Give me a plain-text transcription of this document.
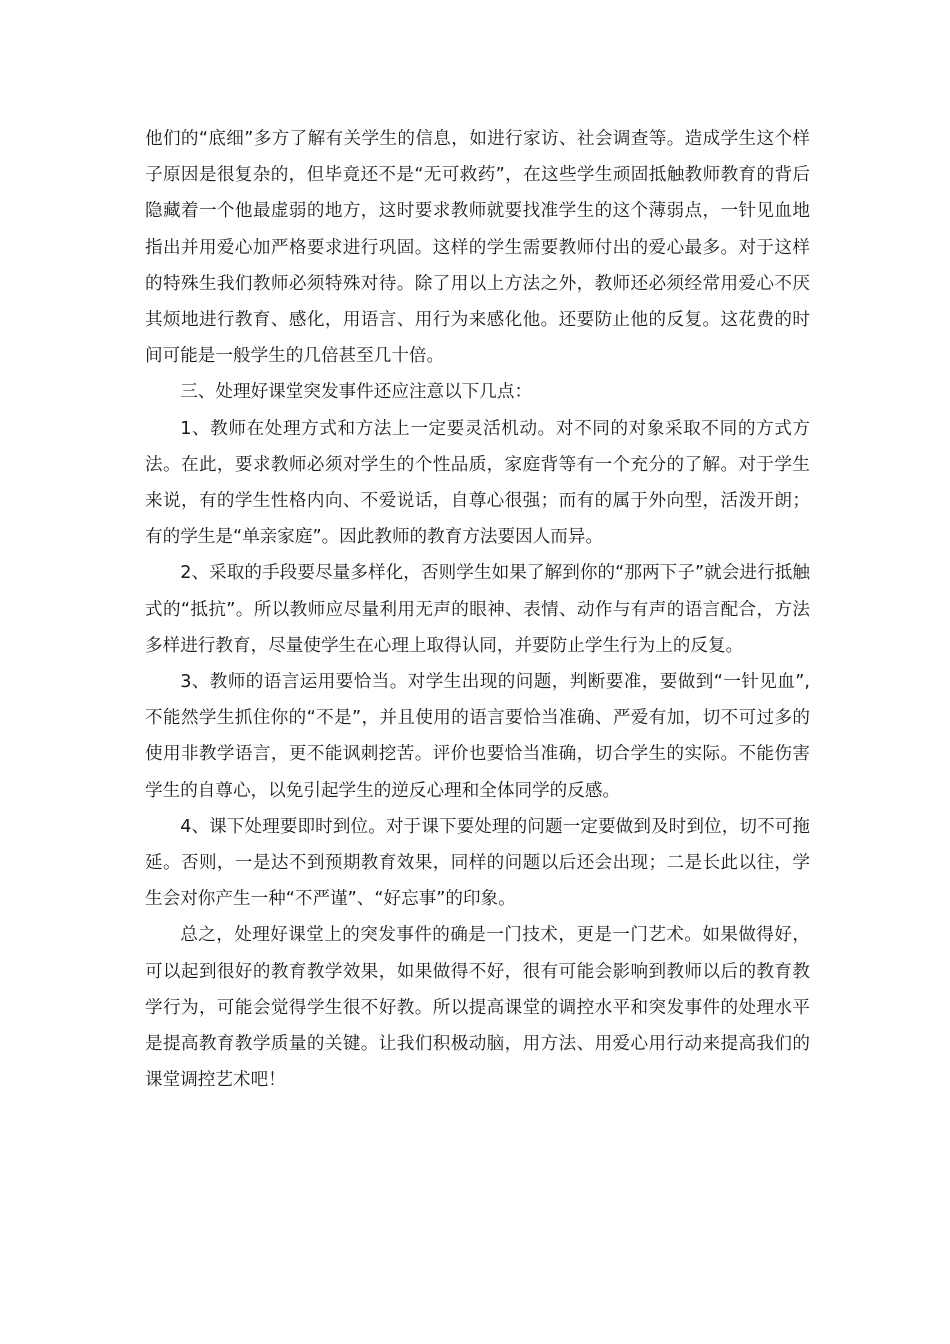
他们的“底细”多方了解有关学生的信息，如进行家访、社会调查等。造成学生这个样子原因是很复杂的，但毕竟还不是“无可救药”，在这些学生顽固抵触教师教育的背后隐藏着一个他最虚弱的地方，这时要求教师就要找准学生的这个薄弱点，一针见血地指出并用爱心加严格要求进行巩固。这样的学生需要教师付出的爱心最多。对于这样的特殊生我们教师必须特殊对待。除了用以上方法之外，教师还必须经常用爱心不厌其烦地进行教育、感化，用语言、用行为来感化他。还要防止他的反复。这花费的时间可能是一般学生的几倍甚至几十倍。

三、处理好课堂突发事件还应注意以下几点：

1、教师在处理方式和方法上一定要灵活机动。对不同的对象采取不同的方式方法。在此，要求教师必须对学生的个性品质，家庭背等有一个充分的了解。对于学生来说，有的学生性格内向、不爱说话，自尊心很强；而有的属于外向型，活泼开朗；有的学生是“单亲家庭”。因此教师的教育方法要因人而异。

2、采取的手段要尽量多样化，否则学生如果了解到你的“那两下子”就会进行抵触式的“抵抗”。所以教师应尽量利用无声的眼神、表情、动作与有声的语言配合，方法多样进行教育，尽量使学生在心理上取得认同，并要防止学生行为上的反复。

3、教师的语言运用要恰当。对学生出现的问题，判断要准，要做到“一针见血”,不能然学生抓住你的“不是”，并且使用的语言要恰当准确、严爱有加，切不可过多的使用非教学语言，更不能讽刺挖苦。评价也要恰当准确，切合学生的实际。不能伤害学生的自尊心，以免引起学生的逆反心理和全体同学的反感。

4、课下处理要即时到位。对于课下要处理的问题一定要做到及时到位，切不可拖延。否则，一是达不到预期教育效果，同样的问题以后还会出现；二是长此以往，学生会对你产生一种“不严谨”、“好忘事”的印象。

总之，处理好课堂上的突发事件的确是一门技术，更是一门艺术。如果做得好，可以起到很好的教育教学效果，如果做得不好，很有可能会影响到教师以后的教育教学行为，可能会觉得学生很不好教。所以提高课堂的调控水平和突发事件的处理水平是提高教育教学质量的关键。让我们积极动脑，用方法、用爱心用行动来提高我们的课堂调控艺术吧！
